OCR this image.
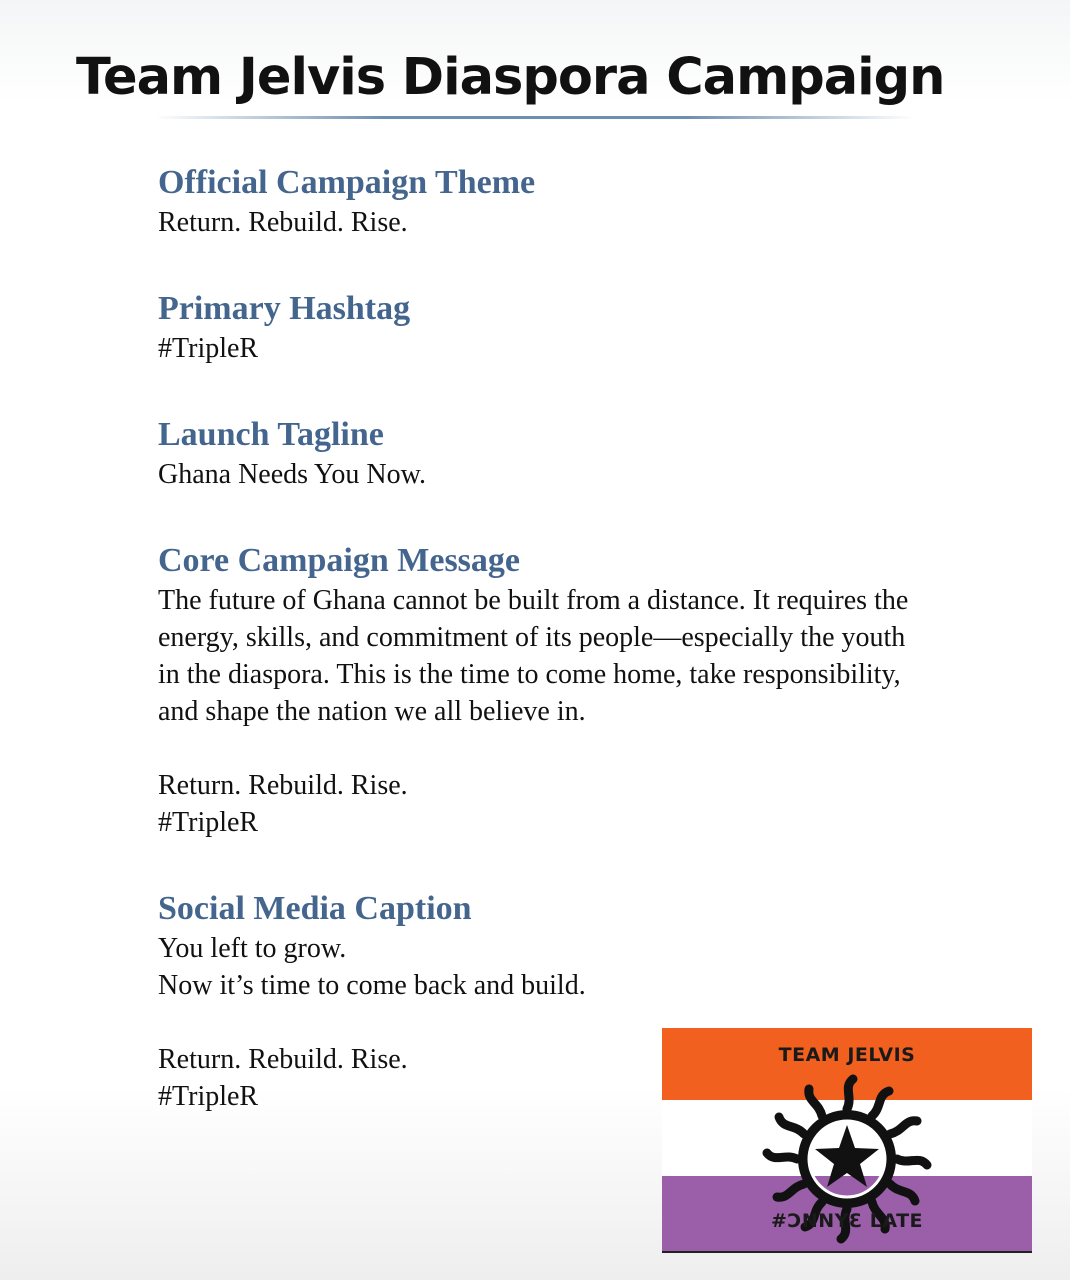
Team Jelvis Diaspora Campaign
Official Campaign Theme
Return. Rebuild. Rise.
Primary Hashtag
#TripleR
Launch Tagline
Ghana Needs You Now.
Core Campaign Message
The future of Ghana cannot be built from a distance. It requires the energy, skills, and commitment of its people—especially the youth in the diaspora. This is the time to come home, take responsibility, and shape the nation we all believe in.
Return. Rebuild. Rise.
#TripleR
Social Media Caption
You left to grow.
Now it’s time to come back and build.
Return. Rebuild. Rise.
#TripleR
TEAM JELVIS
#ƆNNYƐ LATE
